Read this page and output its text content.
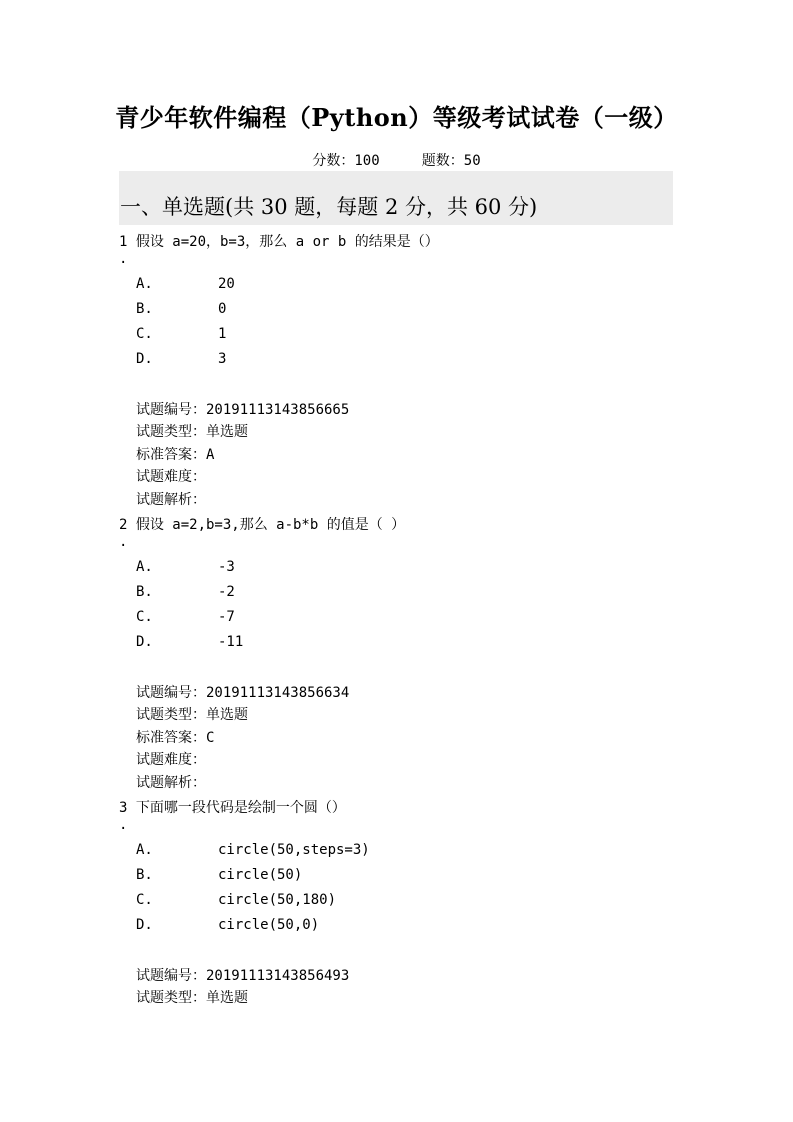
青少年软件编程（Python）等级考试试卷（一级）
分数：100     题数：50
一、单选题(共 30 题，每题 2 分，共 60 分)
1 假设 a=20，b=3，那么 a or b 的结果是（）
.
A.	20
B.	0
C.	1
D.	3
试题编号：20191113143856665
试题类型：单选题
标准答案：A
试题难度：
试题解析：
2 假设 a=2,b=3,那么 a-b*b 的值是（ ）
.
A.	-3
B.	-2
C.	-7
D.	-11
试题编号：20191113143856634
试题类型：单选题
标准答案：C
试题难度：
试题解析：
3 下面哪一段代码是绘制一个圆（）
.
A.	circle(50,steps=3)
B.	circle(50)
C.	circle(50,180)
D.	circle(50,0)
试题编号：20191113143856493
试题类型：单选题
